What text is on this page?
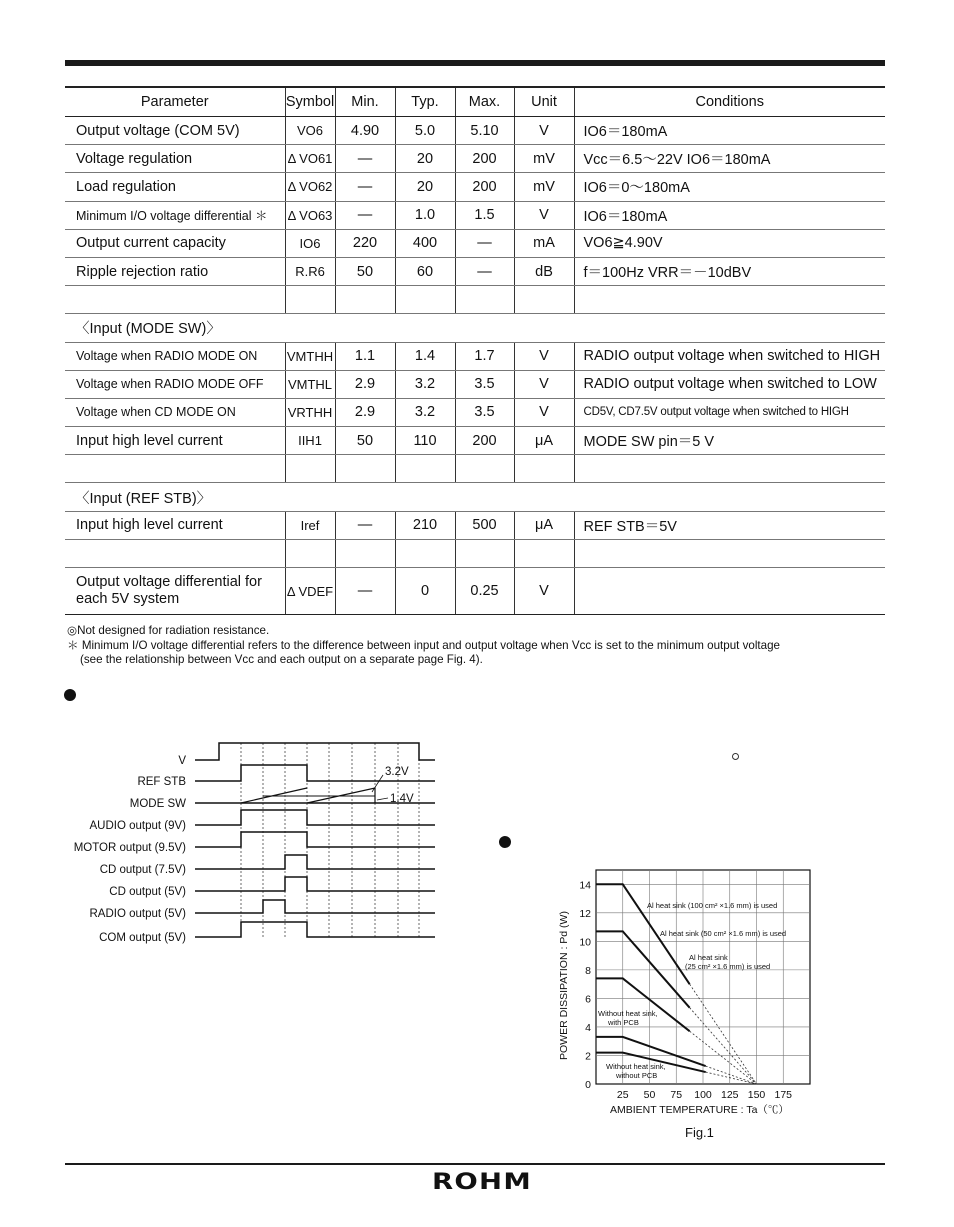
Parameter	Symbol	Min.	Typ.	Max.	Unit	Conditions
Output voltage (COM 5V)	VO6	4.90	5.0	5.10	V	IO6＝180mA
Voltage regulation	Δ VO61	—	20	200	mV	Vcc＝6.5～22V IO6＝180mA
Load regulation	Δ VO62	—	20	200	mV	IO6＝0～180mA
Minimum I/O voltage differential ＊	Δ VO63	—	1.0	1.5	V	IO6＝180mA
Output current capacity	IO6	220	400	—	mA	VO6≧4.90V
Ripple rejection ratio	R.R6	50	60	—	dB	f＝100Hz VRR＝－10dBV

〈Input (MODE SW)〉						
Voltage when RADIO MODE ON	VMTHH	1.1	1.4	1.7	V	RADIO output voltage when switched to HIGH
Voltage when RADIO MODE OFF	VMTHL	2.9	3.2	3.5	V	RADIO output voltage when switched to LOW
Voltage when CD MODE ON	VRTHH	2.9	3.2	3.5	V	CD5V, CD7.5V output voltage when switched to HIGH
Input high level current	IIH1	50	110	200	μA	MODE SW pin＝5 V

〈Input (REF STB)〉						
Input high level current	Iref	—	210	500	μA	REF STB＝5V

Output voltage differential for each 5V system	Δ VDEF	—	0	0.25	V	

◎Not designed for radiation resistance.

＊ Minimum I/O voltage differential refers to the difference between input and output voltage when Vcc is set to the minimum output voltage

(see the relationship between Vcc and each output on a separate page Fig. 4).

V
REF STB
MODE SW
AUDIO output (9V)
MOTOR output (9.5V)
CD output (7.5V)
CD output (5V)
RADIO output (5V)
COM output (5V)
3.2V
1.4V
25 50 75 100 125 150 175
0
2
4
6
8
10
12
14
Al heat sink (100 cm² ×1.6 mm) is used
Al heat sink (50 cm² ×1.6 mm) is used
Al heat sink (25 cm² ×1.6 mm) is used
Without heat sink, with PCB
Without heat sink, without PCB
POWER DISSIPATION : Pd (W)
AMBIENT TEMPERATURE : Ta（℃）
Fig.1
ROHM
